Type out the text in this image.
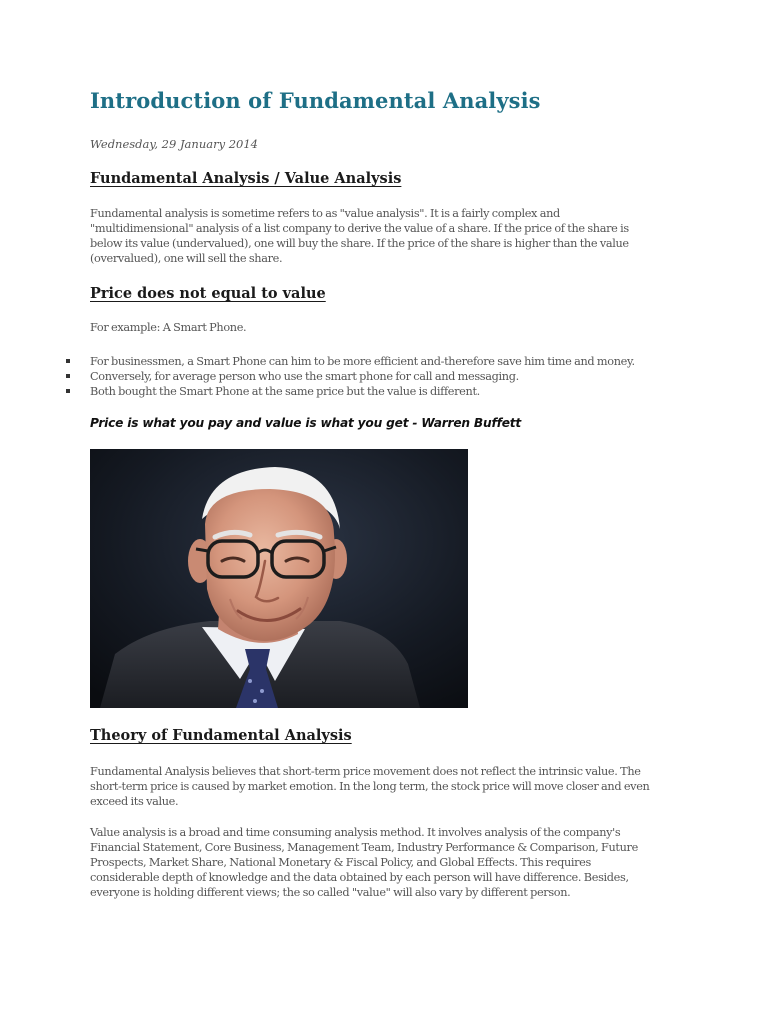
Introduction of Fundamental Analysis
Wednesday, 29 January 2014
Fundamental Analysis / Value Analysis
Fundamental analysis is sometime refers to as "value analysis". It is a fairly complex and
"multidimensional" analysis of a list company to derive the value of a share. If the price of the share is
below its value (undervalued), one will buy the share. If the price of the share is higher than the value
(overvalued), one will sell the share.
Price does not equal to value
For example: A Smart Phone.
For businessmen, a Smart Phone can him to be more efficient and-therefore save him time and money.
Conversely, for average person who use the smart phone for call and messaging.
Both bought the Smart Phone at the same price but the value is different.
Price is what you pay and value is what you get - Warren Buffett
Theory of Fundamental Analysis
Fundamental Analysis believes that short-term price movement does not reflect the intrinsic value. The
short-term price is caused by market emotion. In the long term, the stock price will move closer and even
exceed its value.
Value analysis is a broad and time consuming analysis method. It involves analysis of the company's
Financial Statement, Core Business, Management Team, Industry Performance & Comparison, Future
Prospects, Market Share, National Monetary & Fiscal Policy, and Global Effects. This requires
considerable depth of knowledge and the data obtained by each person will have difference. Besides,
everyone is holding different views; the so called "value" will also vary by different person.
